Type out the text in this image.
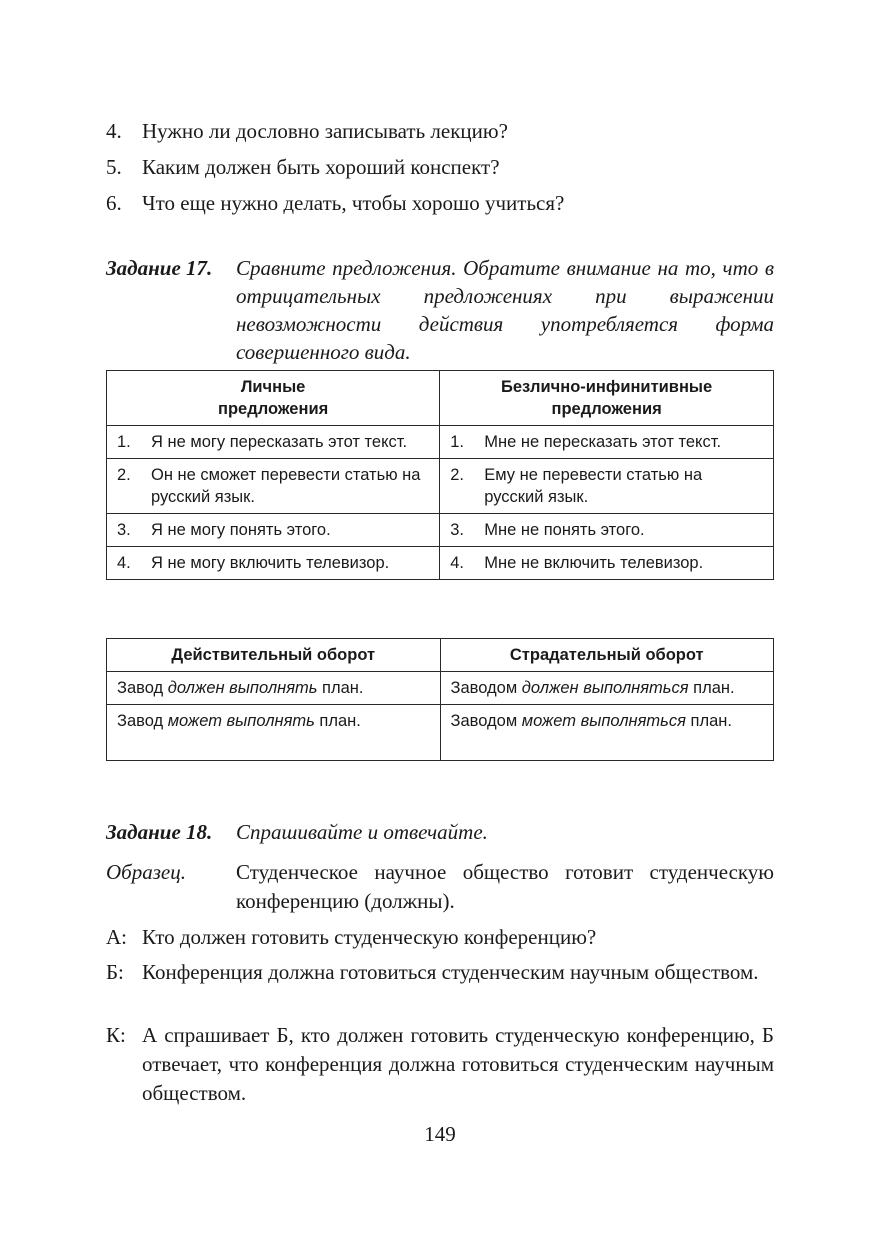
4. Нужно ли дословно записывать лекцию?
5. Каким должен быть хороший конспект?
6. Что еще нужно делать, чтобы хорошо учиться?
Задание 17.	Сравните предложения. Обратите внимание на то, что в отрицательных предложениях при выражении невозможности действия употребляется форма совершенного вида.
Личные предложения	Безлично-инфинитивные предложения

1. Я не могу пересказать этот текст.	1. Мне не пересказать этот текст.

2. Он не сможет перевести статью на русский язык.	2. Ему не перевести статью на русский язык.

3. Я не могу понять этого.	3. Мне не понять этого.

4. Я не могу включить телевизор.	4. Мне не включить телевизор.
Действительный оборот	Страдательный оборот
Завод должен выполнять план.	Заводом должен выполняться план.
Завод может выполнять план.	Заводом может выполняться план.
Задание 18.	Спрашивайте и отвечайте.
Образец.	Студенческое научное общество готовит студенческую конференцию (должны).
А: Кто должен готовить студенческую конференцию?
Б: Конференция должна готовиться студенческим научным обществом.
К: А спрашивает Б, кто должен готовить студенческую конференцию, Б отвечает, что конференция должна готовиться студенческим научным обществом.
149
